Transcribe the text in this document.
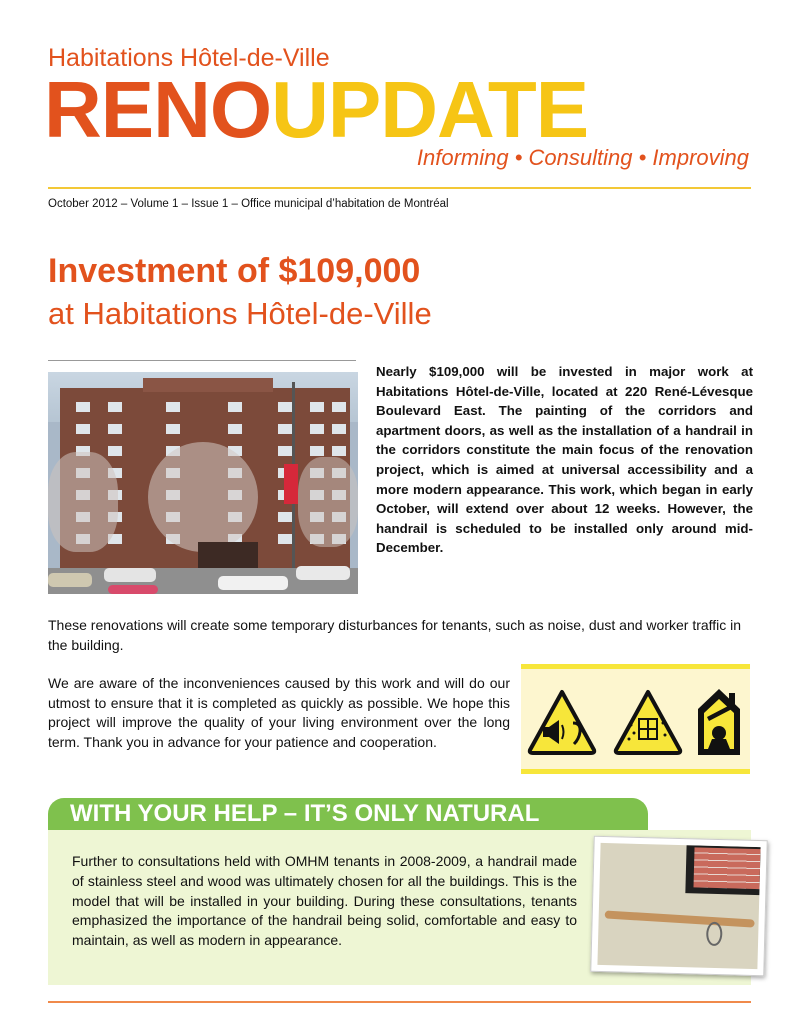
Habitations Hôtel-de-Ville
RENOUPDATE
Informing • Consulting • Improving
October 2012 – Volume 1 – Issue 1 – Office municipal d’habitation de Montréal
Investment of $109,000
at Habitations Hôtel-de-Ville
Nearly $109,000 will be invested in major work at Habitations Hôtel-de-Ville, located at 220 René-Lévesque Boulevard East. The painting of the corridors and apartment doors, as well as the installation of a handrail in the corridors constitute the main focus of the renovation project, which is aimed at universal accessibility and a more modern appearance. This work, which began in early October, will extend over about 12 weeks. However, the handrail is scheduled to be installed only around mid-December.
These renovations will create some temporary disturbances for tenants, such as noise, dust and worker traffic in the building.
We are aware of the inconveniences caused by this work and will do our utmost to ensure that it is completed as quickly as possible. We hope this project will improve the quality of your living environment over the long term. Thank you in advance for your patience and cooperation.
WITH YOUR HELP – IT’S ONLY NATURAL
Further to consultations held with OMHM tenants in 2008-2009, a handrail made of stainless steel and wood was ultimately chosen for all the buildings. This is the model that will be installed in your building. During these consultations, tenants emphasized the importance of the handrail being solid, comfortable and easy to maintain, as well as modern in appearance.
